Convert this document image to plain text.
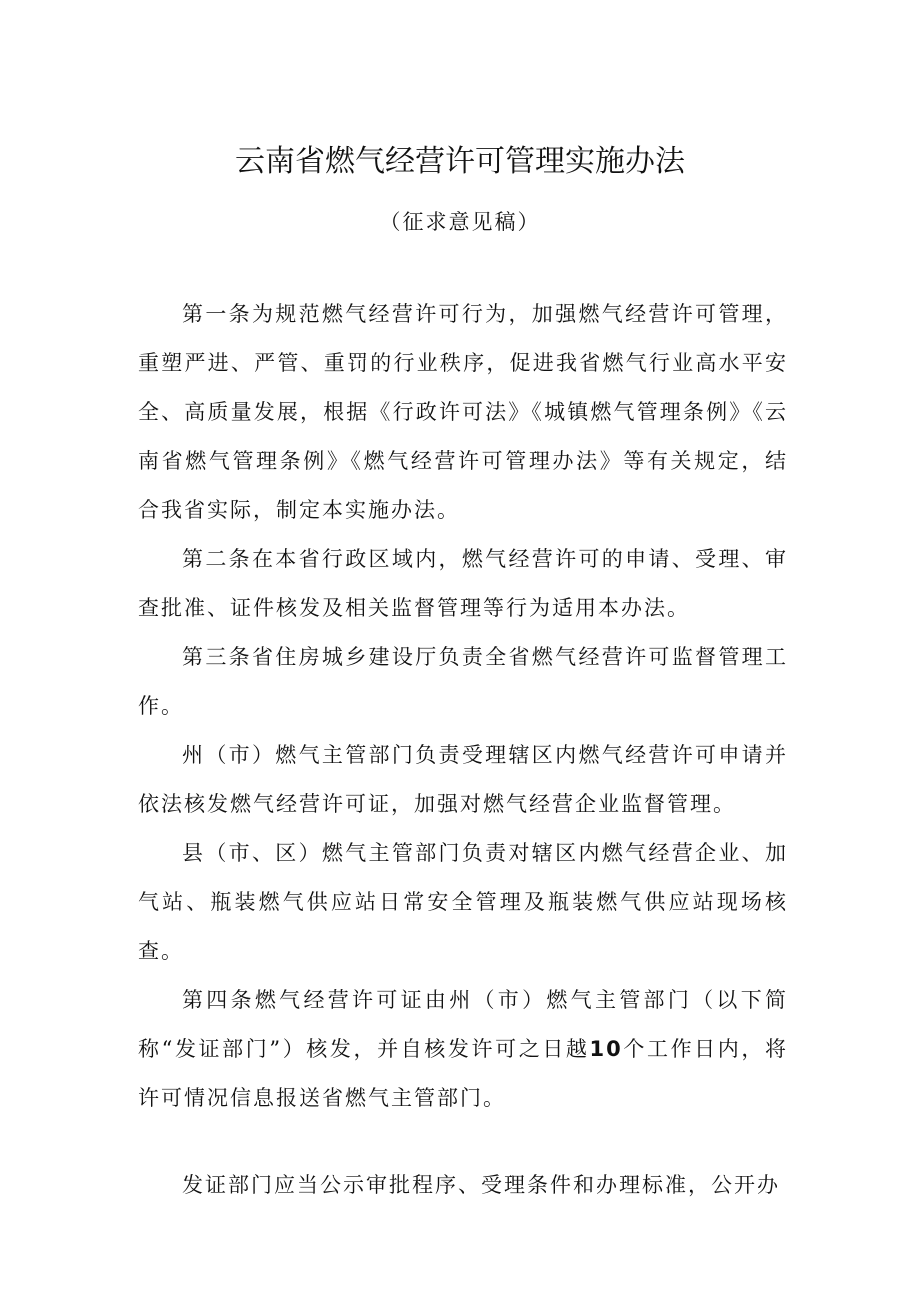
云南省燃气经营许可管理实施办法

（征求意见稿）

第一条为规范燃气经营许可行为，加强燃气经营许可管理，重塑严进、严管、重罚的行业秩序，促进我省燃气行业高水平安全、高质量发展，根据《行政许可法》《城镇燃气管理条例》《云南省燃气管理条例》《燃气经营许可管理办法》等有关规定，结合我省实际，制定本实施办法。

第二条在本省行政区域内，燃气经营许可的申请、受理、审查批准、证件核发及相关监督管理等行为适用本办法。

第三条省住房城乡建设厅负责全省燃气经营许可监督管理工作。

州（市）燃气主管部门负责受理辖区内燃气经营许可申请并依法核发燃气经营许可证，加强对燃气经营企业监督管理。

县（市、区）燃气主管部门负责对辖区内燃气经营企业、加气站、瓶装燃气供应站日常安全管理及瓶装燃气供应站现场核查。

第四条燃气经营许可证由州（市）燃气主管部门（以下简称“发证部门”）核发，并自核发许可之日越10个工作日内，将许可情况信息报送省燃气主管部门。

发证部门应当公示审批程序、受理条件和办理标准，公开办
